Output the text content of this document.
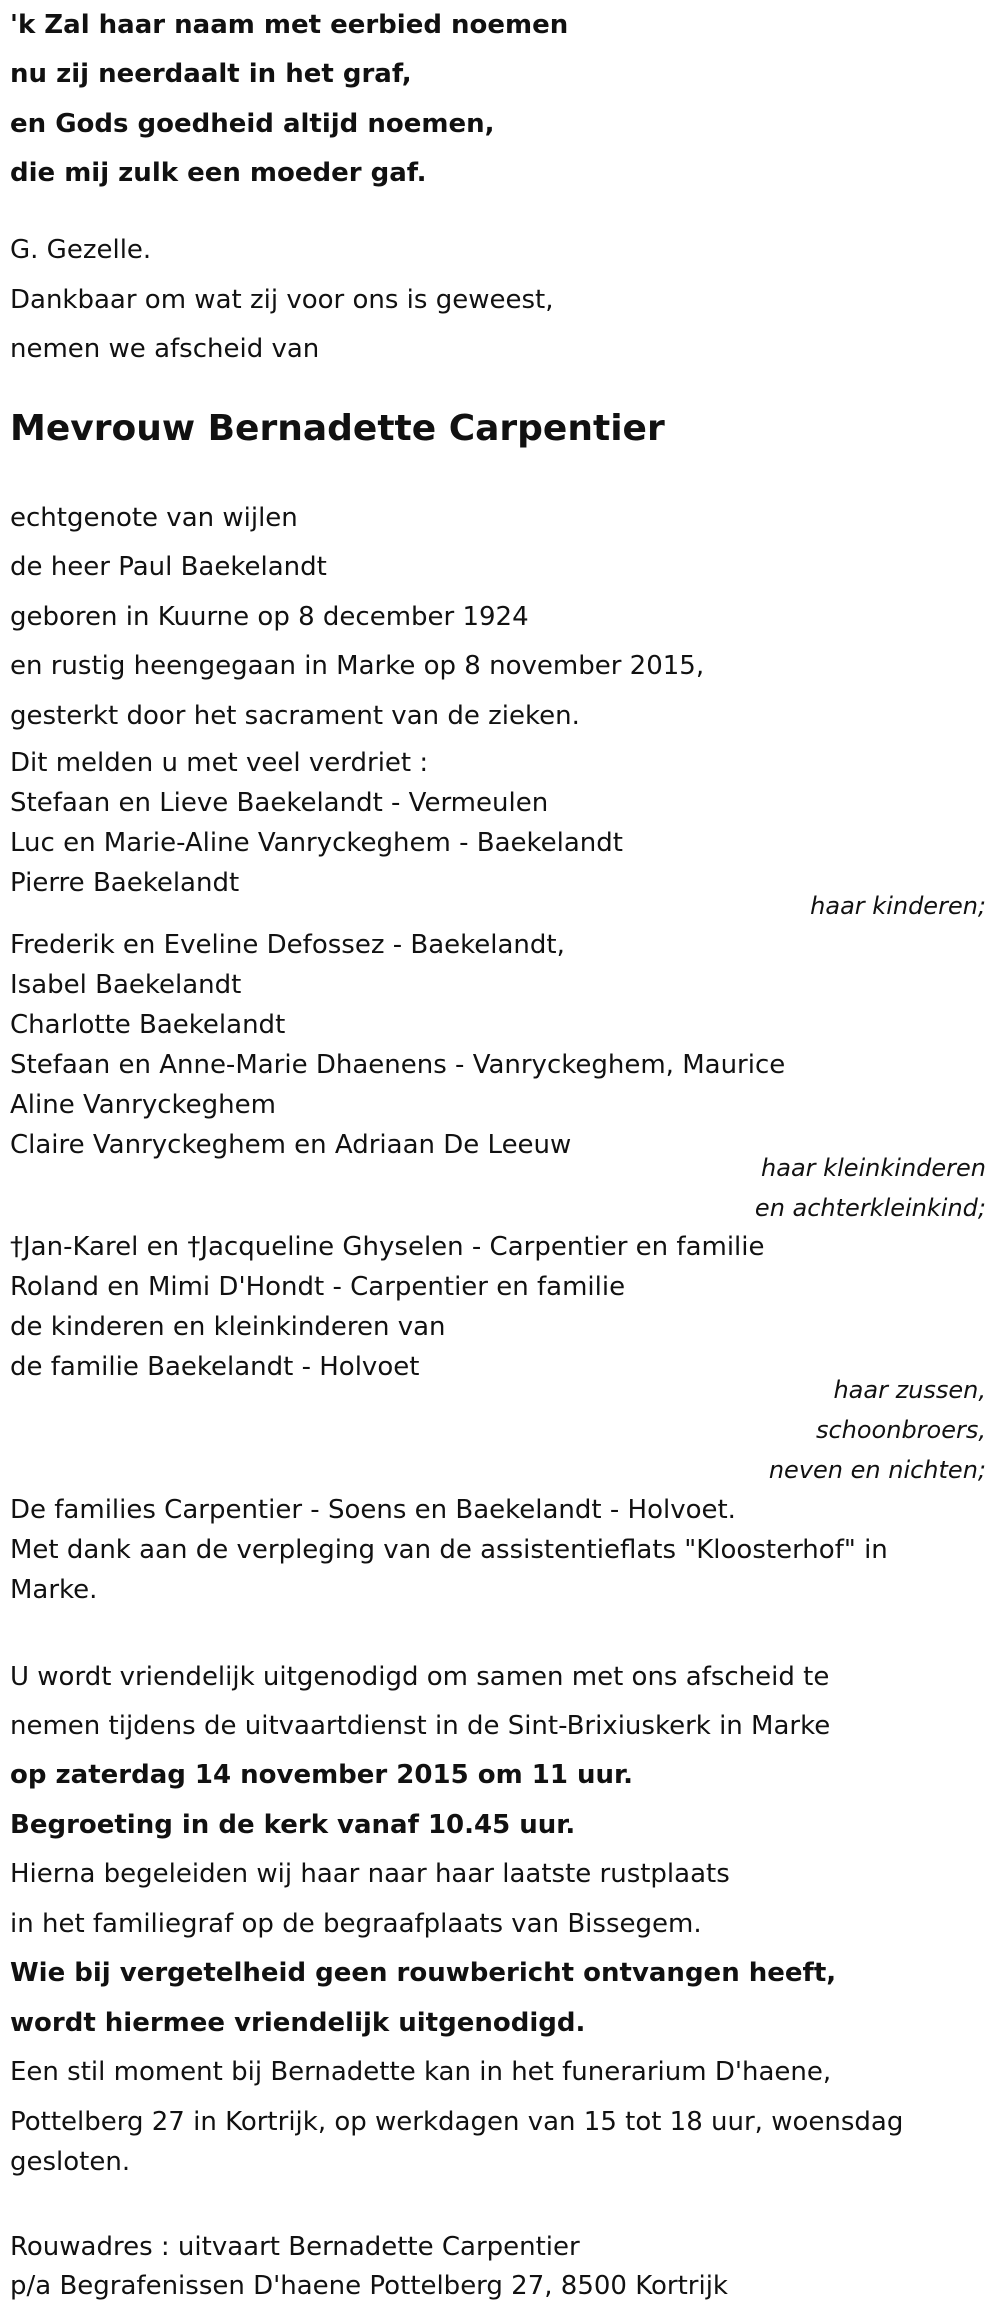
'k Zal haar naam met eerbied noemen

nu zij neerdaalt in het graf,

en Gods goedheid altijd noemen,

die mij zulk een moeder gaf.

G. Gezelle.

Dankbaar om wat zij voor ons is geweest,

nemen we afscheid van

Mevrouw Bernadette Carpentier

echtgenote van wijlen

de heer Paul Baekelandt

geboren in Kuurne op 8 december 1924

en rustig heengegaan in Marke op 8 november 2015,

gesterkt door het sacrament van de zieken.

Dit melden u met veel verdriet :

Stefaan en Lieve Baekelandt - Vermeulen

Luc en Marie-Aline Vanryckeghem - Baekelandt

Pierre Baekelandt

haar kinderen;

Frederik en Eveline Defossez - Baekelandt,

Isabel Baekelandt

Charlotte Baekelandt

Stefaan en Anne-Marie Dhaenens - Vanryckeghem, Maurice

Aline Vanryckeghem

Claire Vanryckeghem en Adriaan De Leeuw

haar kleinkinderen

en achterkleinkind;

†Jan-Karel en †Jacqueline Ghyselen - Carpentier en familie

Roland en Mimi D'Hondt - Carpentier en familie

de kinderen en kleinkinderen van

de familie Baekelandt - Holvoet

haar zussen,

schoonbroers,

neven en nichten;

De families Carpentier - Soens en Baekelandt - Holvoet.

Met dank aan de verpleging van de assistentieflats "Kloosterhof" in

Marke.

U wordt vriendelijk uitgenodigd om samen met ons afscheid te

nemen tijdens de uitvaartdienst in de Sint-Brixiuskerk in Marke

op zaterdag 14 november 2015 om 11 uur.

Begroeting in de kerk vanaf 10.45 uur.

Hierna begeleiden wij haar naar haar laatste rustplaats

in het familiegraf op de begraafplaats van Bissegem.

Wie bij vergetelheid geen rouwbericht ontvangen heeft,

wordt hiermee vriendelijk uitgenodigd.

Een stil moment bij Bernadette kan in het funerarium D'haene,

Pottelberg 27 in Kortrijk, op werkdagen van 15 tot 18 uur, woensdag

gesloten.

Rouwadres : uitvaart Bernadette Carpentier

p/a Begrafenissen D'haene Pottelberg 27, 8500 Kortrijk
